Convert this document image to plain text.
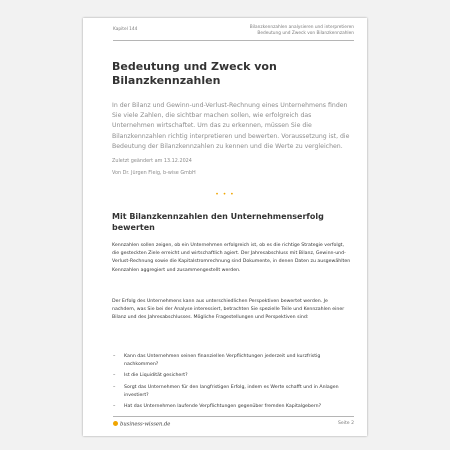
Kapitel 144	Bilanzkennzahlen analysieren und interpretieren
Bedeutung und Zweck von Bilanzkennzahlen
Bedeutung und Zweck von Bilanzkennzahlen

In der Bilanz und Gewinn-und-Verlust-Rechnung eines Unternehmens finden Sie viele Zahlen, die sichtbar machen sollen, wie erfolgreich das Unternehmen wirtschaftet. Um das zu erkennen, müssen Sie die Bilanzkennzahlen richtig interpretieren und bewerten. Voraussetzung ist, die Bedeutung der Bilanzkennzahlen zu kennen und die Werte zu vergleichen.

Zuletzt geändert am 13.12.2024
Von Dr. Jürgen Fleig, b-wise GmbH
• • •
Mit Bilanzkennzahlen den Unternehmenserfolg bewerten

Kennzahlen sollen zeigen, ob ein Unternehmen erfolgreich ist, ob es die richtige Strategie verfolgt, die gesteckten Ziele erreicht und wirtschaftlich agiert. Der Jahresabschluss mit Bilanz, Gewinn-und-Verlust-Rechnung sowie die Kapitalstromrechnung sind Dokumente, in denen Daten zu ausgewählten Kennzahlen aggregiert und zusammengestellt werden.

Der Erfolg des Unternehmens kann aus unterschiedlichen Perspektiven bewertet werden. Je nachdem, was Sie bei der Analyse interessiert, betrachten Sie spezielle Teile und Kennzahlen einer Bilanz und des Jahresabschlusses. Mögliche Fragestellungen und Perspektiven sind:

– Kann das Unternehmen seinen finanziellen Verpflichtungen jederzeit und kurzfristig nachkommen?
– Ist die Liquidität gesichert?
– Sorgt das Unternehmen für den langfristigen Erfolg, indem es Werte schafft und in Anlagen investiert?
– Hat das Unternehmen laufende Verpflichtungen gegenüber fremden Kapitalgebern?
business-wissen.de	Seite 2
